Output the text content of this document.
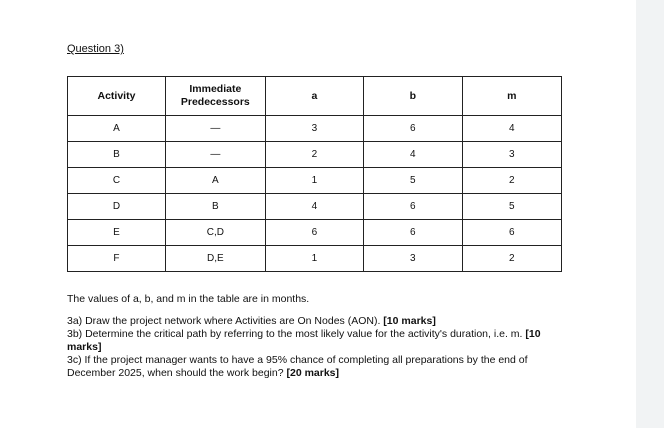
Question 3)

Activity	Immediate Predecessors	a	b	m
A	—	3	6	4
B	—	2	4	3
C	A	1	5	2
D	B	4	6	5
E	C,D	6	6	6
F	D,E	1	3	2

The values of a, b, and m in the table are in months.

3a) Draw the project network where Activities are On Nodes (AON). [10 marks]

3b) Determine the critical path by referring to the most likely value for the activity's duration, i.e. m. [10 marks]

3c) If the project manager wants to have a 95% chance of completing all preparations by the end of December 2025, when should the work begin? [20 marks]
